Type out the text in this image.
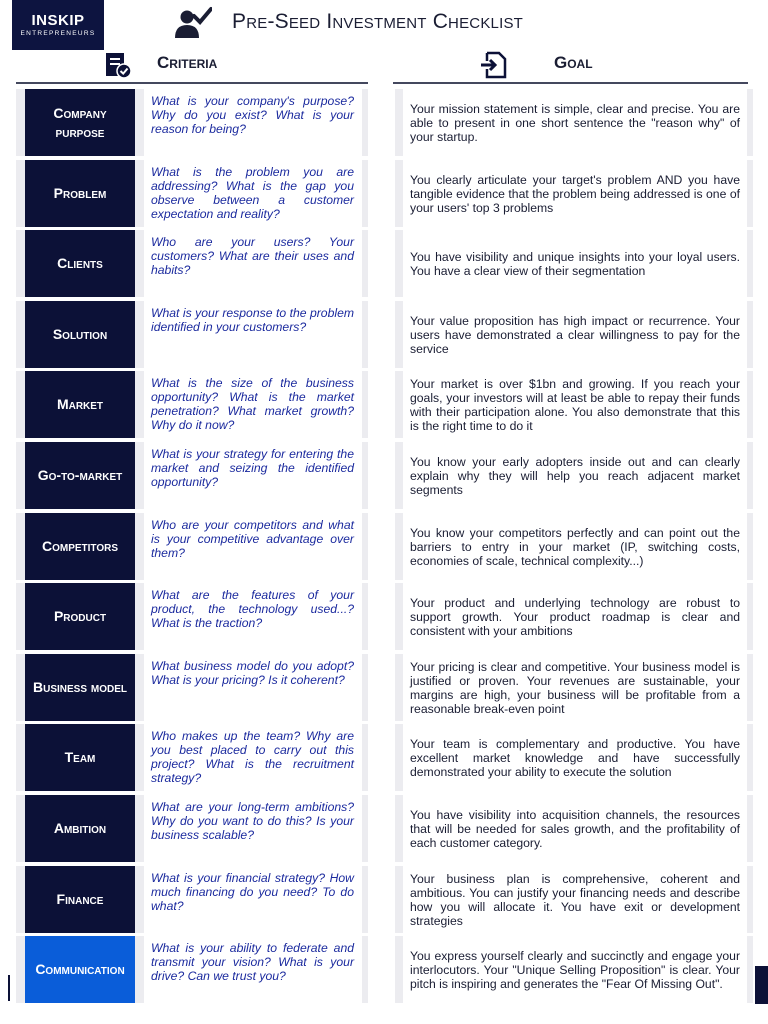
INSKIP
ENTREPRENEURS
Pre-Seed Investment Checklist
Criteria	Goal
Company purpose
What is your company's purpose? Why do you exist? What is your reason for being?
Your mission statement is simple, clear and precise. You are able to present in one short sentence the "reason why" of your startup.
Problem
What is the problem you are addressing? What is the gap you observe between a customer expectation and reality?
You clearly articulate your target's problem AND you have tangible evidence that the problem being addressed is one of your users' top 3 problems
Clients
Who are your users? Your customers? What are their uses and habits?
You have visibility and unique insights into your loyal users. You have a clear view of their segmentation
Solution
What is your response to the problem identified in your customers?	Your value proposition has high impact or recurrence. Your users have demonstrated a clear willingness to pay for the service
Market
What is the size of the business opportunity? What is the market penetration? What market growth? Why do it now?
Your market is over $1bn and growing. If you reach your goals, your investors will at least be able to repay their funds with their participation alone. You also demonstrate that this is the right time to do it
Go-to-market
What is your strategy for entering the market and seizing the identified opportunity?
You know your early adopters inside out and can clearly explain why they will help you reach adjacent market segments
Competitors
Who are your competitors and what is your competitive advantage over them?
You know your competitors perfectly and can point out the barriers to entry in your market (IP, switching costs, economies of scale, technical complexity...)
Product
What are the features of your product, the technology used...? What is the traction?
Your product and underlying technology are robust to support growth. Your product roadmap is clear and consistent with your ambitions
Business model
What business model do you adopt? What is your pricing? Is it coherent?
Your pricing is clear and competitive. Your business model is justified or proven. Your revenues are sustainable, your margins are high, your business will be profitable from a reasonable break-even point
Team
Who makes up the team? Why are you best placed to carry out this project? What is the recruitment strategy?
Your team is complementary and productive. You have excellent market knowledge and have successfully demonstrated your ability to execute the solution
Ambition
What are your long-term ambitions? Why do you want to do this? Is your business scalable?
You have visibility into acquisition channels, the resources that will be needed for sales growth, and the profitability of each customer category.
Finance
What is your financial strategy? How much financing do you need? To do what?
Your business plan is comprehensive, coherent and ambitious. You can justify your financing needs and describe how you will allocate it. You have exit or development strategies
Communication
What is your ability to federate and transmit your vision? What is your drive? Can we trust you?
You express yourself clearly and succinctly and engage your interlocutors. Your "Unique Selling Proposition" is clear. Your pitch is inspiring and generates the "Fear Of Missing Out".
